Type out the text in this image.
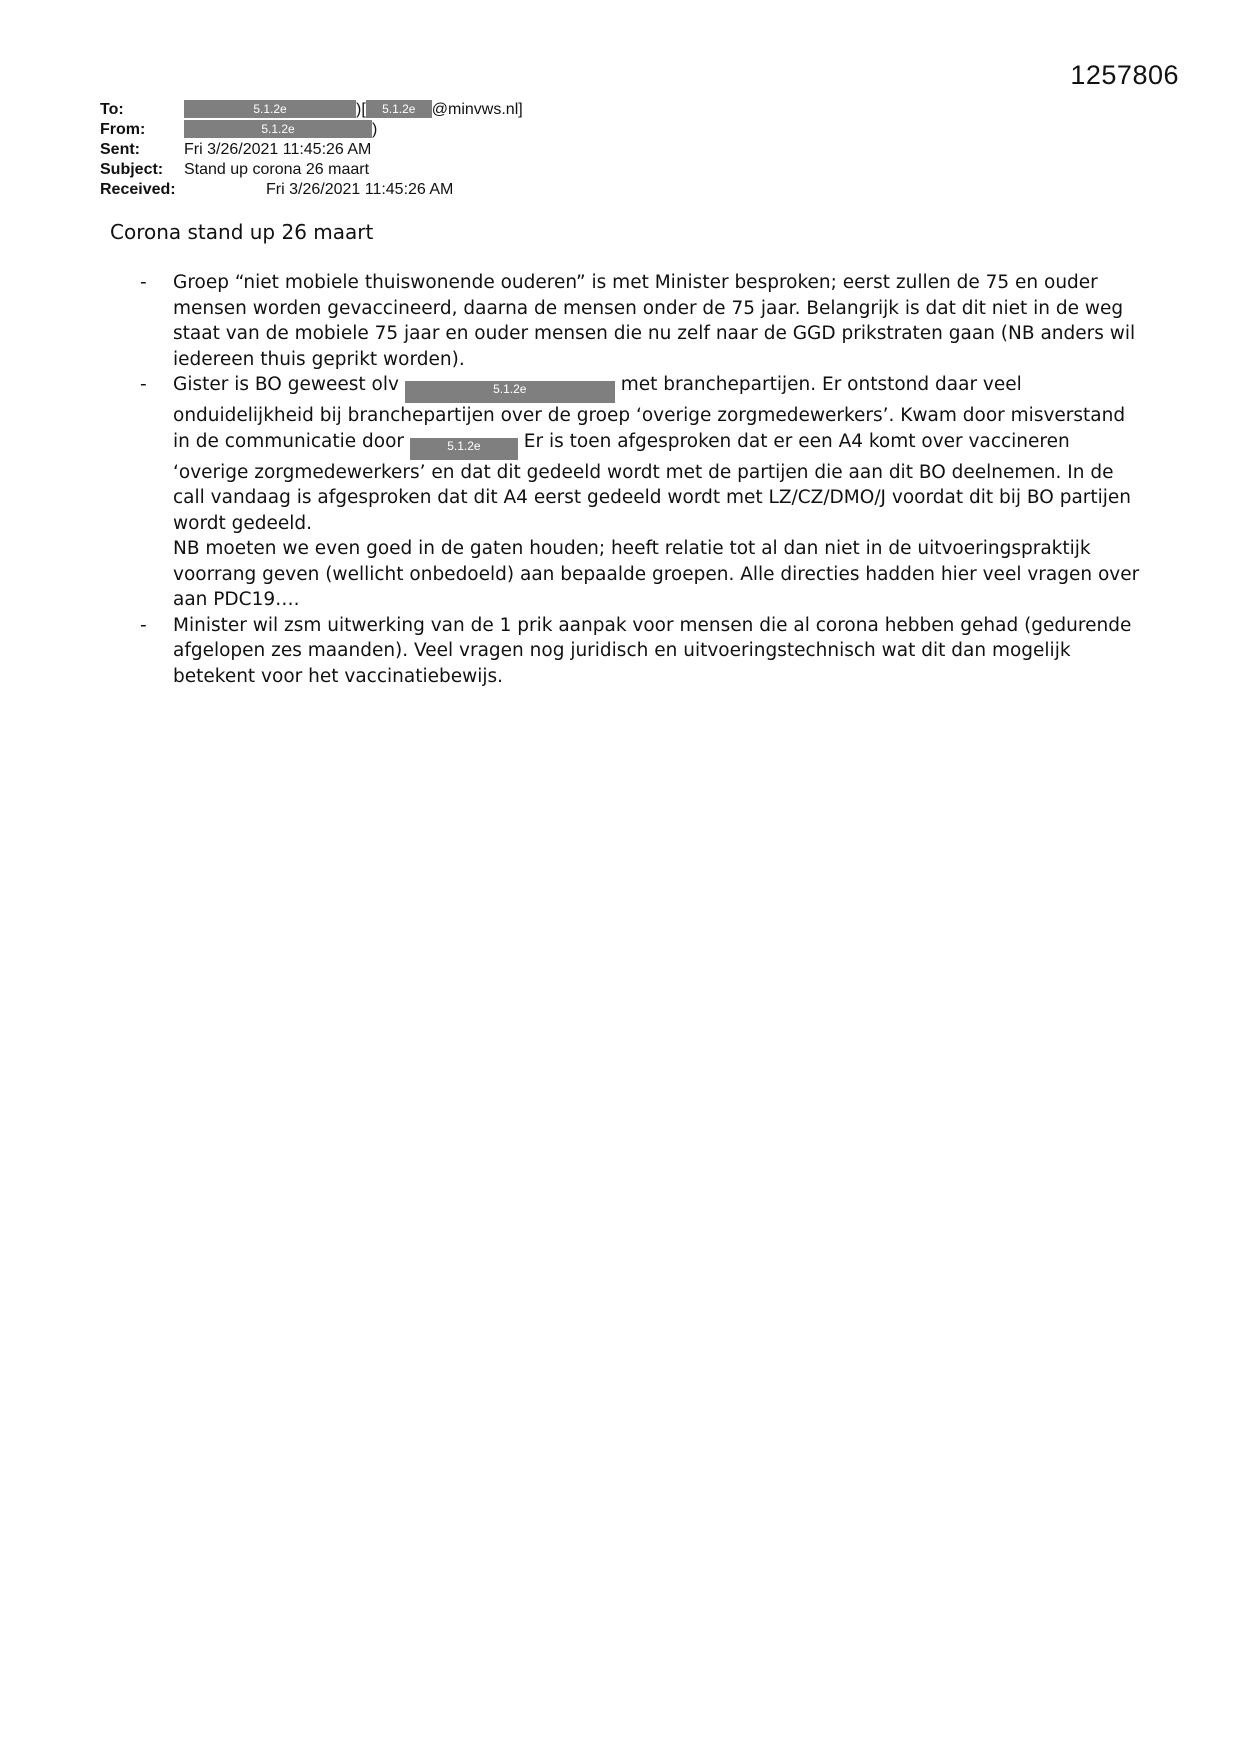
1257806
To:	5.1.2e	)[ 5.1.2e @minvws.nl]
From:	5.1.2e	)
Sent:	Fri 3/26/2021 11:45:26 AM
Subject: Stand up corona 26 maart
Received:	Fri 3/26/2021 11:45:26 AM
Corona stand up 26 maart
- Groep “niet mobiele thuiswonende ouderen” is met Minister besproken; eerst zullen de 75 en ouder mensen worden gevaccineerd, daarna de mensen onder de 75 jaar. Belangrijk is dat dit niet in de weg staat van de mobiele 75 jaar en ouder mensen die nu zelf naar de GGD prikstraten gaan (NB anders wil iedereen thuis geprikt worden).
- Gister is BO geweest olv	5.1.2e	met branchepartijen. Er ontstond daar veel onduidelijkheid bij branchepartijen over de groep ‘overige zorgmedewerkers’. Kwam door misverstand in de communicatie door	5.1.2e Er is toen afgesproken dat er een A4 komt over vaccineren ‘overige zorgmedewerkers’ en dat dit gedeeld wordt met de partijen die aan dit BO deelnemen. In de call vandaag is afgesproken dat dit A4 eerst gedeeld wordt met LZ/CZ/DMO/J voordat dit bij BO partijen wordt gedeeld.
NB moeten we even goed in de gaten houden; heeft relatie tot al dan niet in de uitvoeringspraktijk voorrang geven (wellicht onbedoeld) aan bepaalde groepen. Alle directies hadden hier veel vragen over aan PDC19….
- Minister wil zsm uitwerking van de 1 prik aanpak voor mensen die al corona hebben gehad (gedurende afgelopen zes maanden). Veel vragen nog juridisch en uitvoeringstechnisch wat dit dan mogelijk betekent voor het vaccinatiebewijs.
